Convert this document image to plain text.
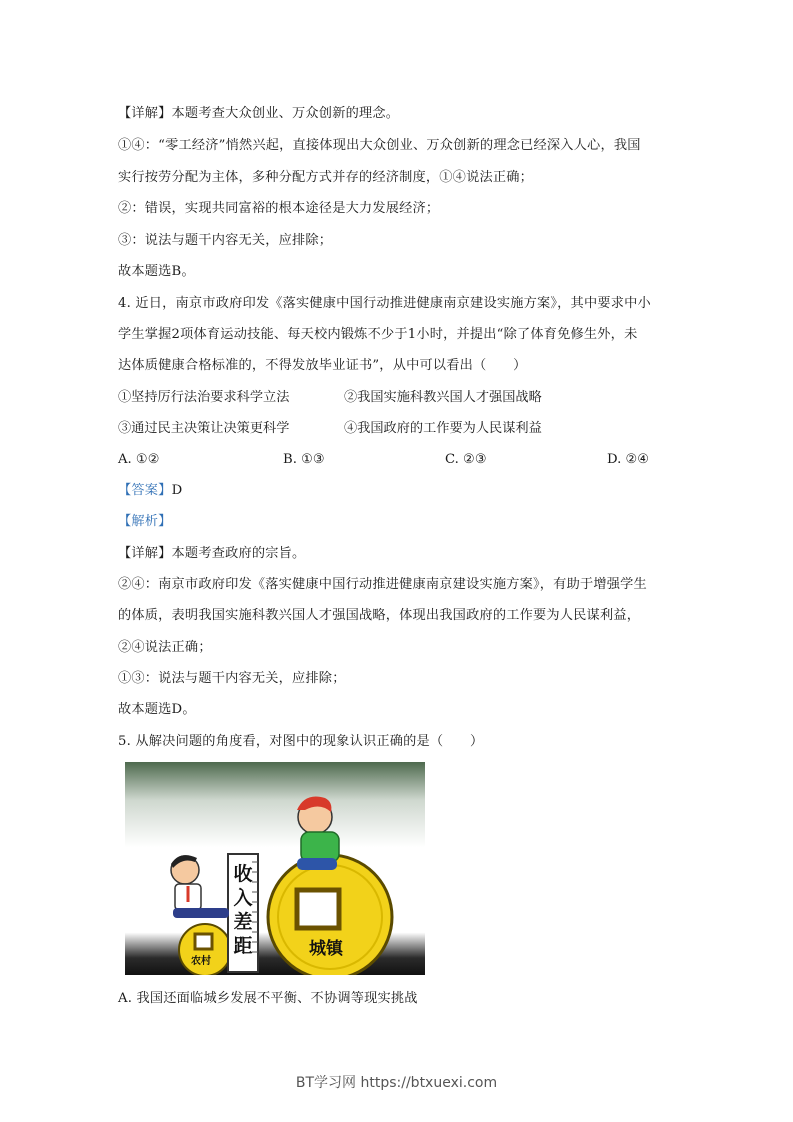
【详解】本题考查大众创业、万众创新的理念。
①④：“零工经济”悄然兴起，直接体现出大众创业、万众创新的理念已经深入人心，我国
实行按劳分配为主体，多种分配方式并存的经济制度，①④说法正确；
②：错误，实现共同富裕的根本途径是大力发展经济；
③：说法与题干内容无关，应排除；
故本题选B。
4. 近日，南京市政府印发《落实健康中国行动推进健康南京建设实施方案》，其中要求中小
学生掌握2项体育运动技能、每天校内锻炼不少于1小时，并提出“除了体育免修生外，未
达体质健康合格标准的，不得发放毕业证书”，从中可以看出（　　）
①坚持厉行法治要求科学立法	②我国实施科教兴国人才强国战略
③通过民主决策让决策更科学	④我国政府的工作要为人民谋利益
A. ①②	B. ①③	C. ②③	D. ②④
【答案】D
【解析】
【详解】本题考查政府的宗旨。
②④：南京市政府印发《落实健康中国行动推进健康南京建设实施方案》，有助于增强学生
的体质，表明我国实施科教兴国人才强国战略，体现出我国政府的工作要为人民谋利益，
②④说法正确；
①③：说法与题干内容无关，应排除；
故本题选D。
5. 从解决问题的角度看，对图中的现象认识正确的是（　　）
收入差距
农村
城镇
A. 我国还面临城乡发展不平衡、不协调等现实挑战
BT学习网 https://btxuexi.com
